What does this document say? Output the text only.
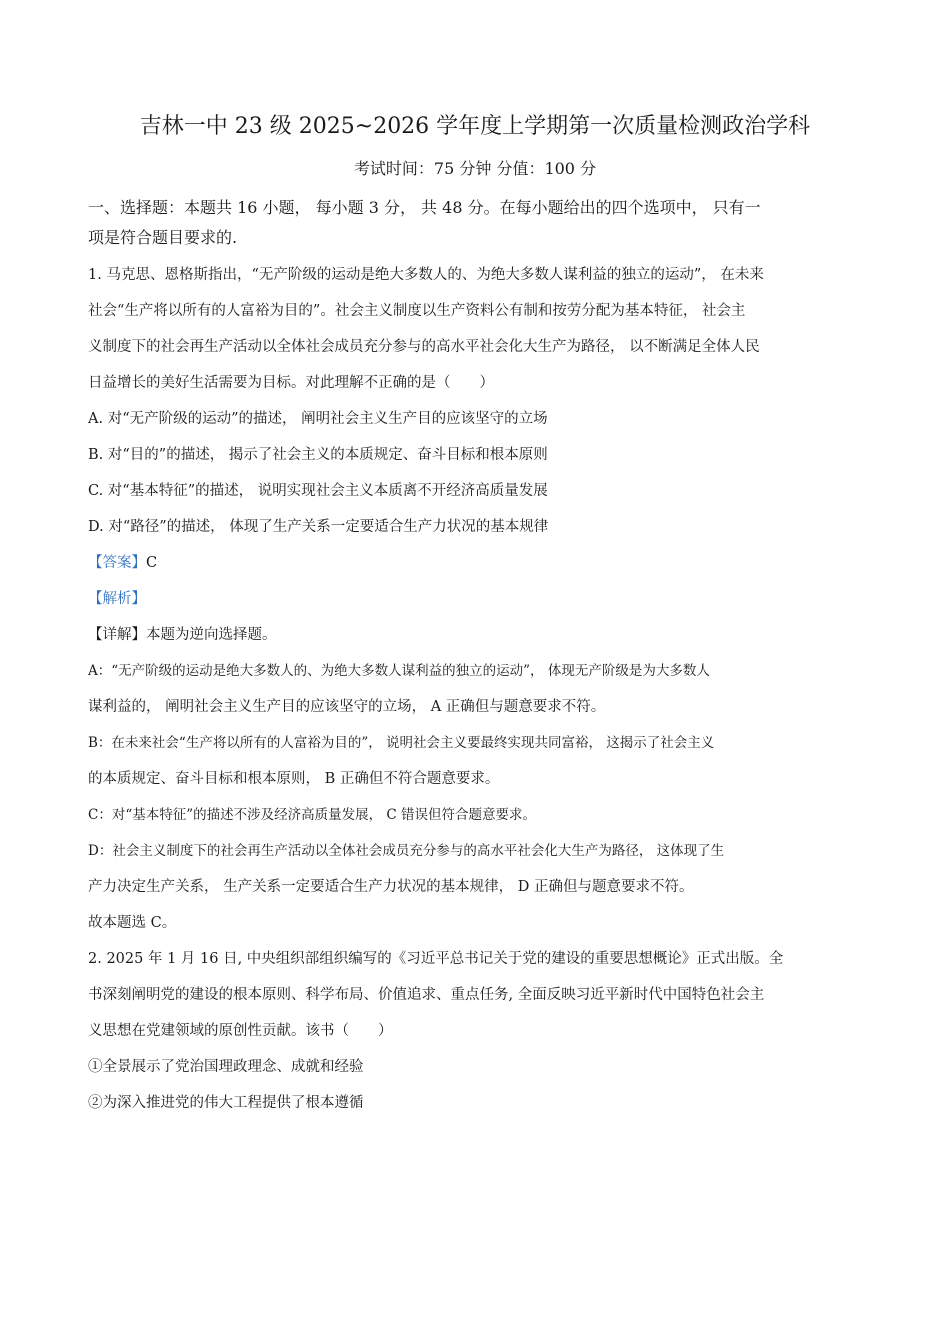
吉林一中 23 级 2025~2026 学年度上学期第一次质量检测政治学科
考试时间：75 分钟 分值：100 分
一、选择题：本题共 16 小题， 每小题 3 分， 共 48 分。在每小题给出的四个选项中， 只有一
项是符合题目要求的.
1. 马克思、恩格斯指出，“无产阶级的运动是绝大多数人的、为绝大多数人谋利益的独立的运动”， 在未来
社会“生产将以所有的人富裕为目的”。社会主义制度以生产资料公有制和按劳分配为基本特征， 社会主
义制度下的社会再生产活动以全体社会成员充分参与的高水平社会化大生产为路径， 以不断满足全体人民
日益增长的美好生活需要为目标。对此理解不正确的是（　　）
A. 对“无产阶级的运动”的描述， 阐明社会主义生产目的应该坚守的立场
B. 对“目的”的描述， 揭示了社会主义的本质规定、奋斗目标和根本原则
C. 对“基本特征”的描述， 说明实现社会主义本质离不开经济高质量发展
D. 对“路径”的描述， 体现了生产关系一定要适合生产力状况的基本规律
【答案】C
【解析】
【详解】本题为逆向选择题。
A：“无产阶级的运动是绝大多数人的、为绝大多数人谋利益的独立的运动”， 体现无产阶级是为大多数人
谋利益的， 阐明社会主义生产目的应该坚守的立场， A 正确但与题意要求不符。
B：在未来社会“生产将以所有的人富裕为目的”， 说明社会主义要最终实现共同富裕， 这揭示了社会主义
的本质规定、奋斗目标和根本原则， B 正确但不符合题意要求。
C：对“基本特征”的描述不涉及经济高质量发展， C 错误但符合题意要求。
D：社会主义制度下的社会再生产活动以全体社会成员充分参与的高水平社会化大生产为路径， 这体现了生
产力决定生产关系， 生产关系一定要适合生产力状况的基本规律， D 正确但与题意要求不符。
故本题选 C。
2. 2025 年 1 月 16 日, 中央组织部组织编写的《习近平总书记关于党的建设的重要思想概论》正式出版。全
书深刻阐明党的建设的根本原则、科学布局、价值追求、重点任务, 全面反映习近平新时代中国特色社会主
义思想在党建领域的原创性贡献。该书（　　）
①全景展示了党治国理政理念、成就和经验
②为深入推进党的伟大工程提供了根本遵循
